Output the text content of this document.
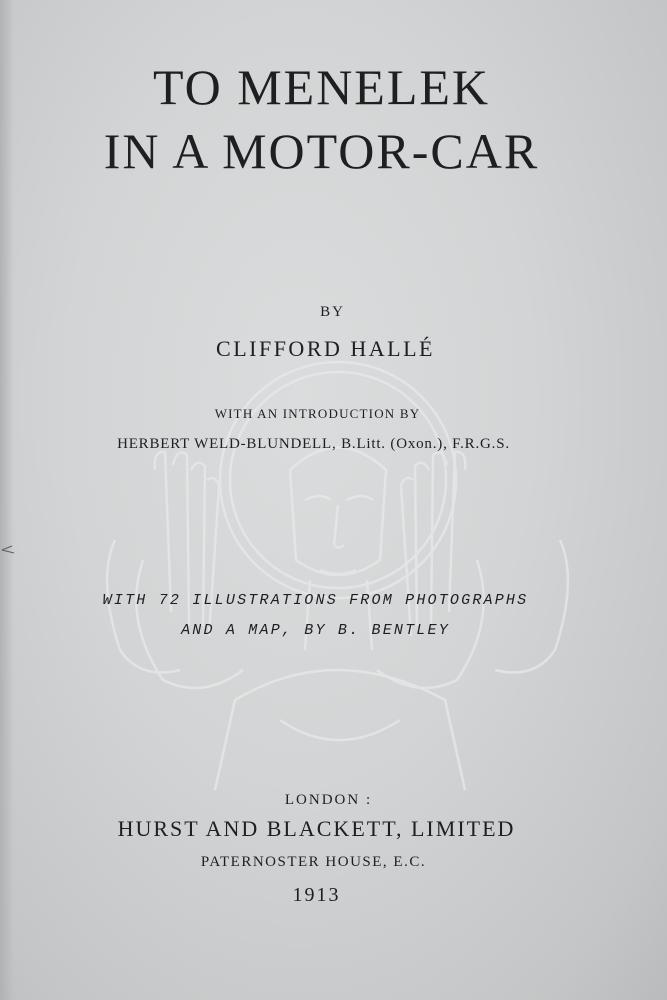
TO MENELEK
IN A MOTOR-CAR
BY
CLIFFORD HALLÉ
WITH AN INTRODUCTION BY
HERBERT WELD-BLUNDELL, B.Litt. (Oxon.), F.R.G.S.
WITH 72 ILLUSTRATIONS FROM PHOTOGRAPHS
AND A MAP, BY B. BENTLEY
LONDON :
HURST AND BLACKETT, LIMITED
PATERNOSTER HOUSE, E.C.
1913
